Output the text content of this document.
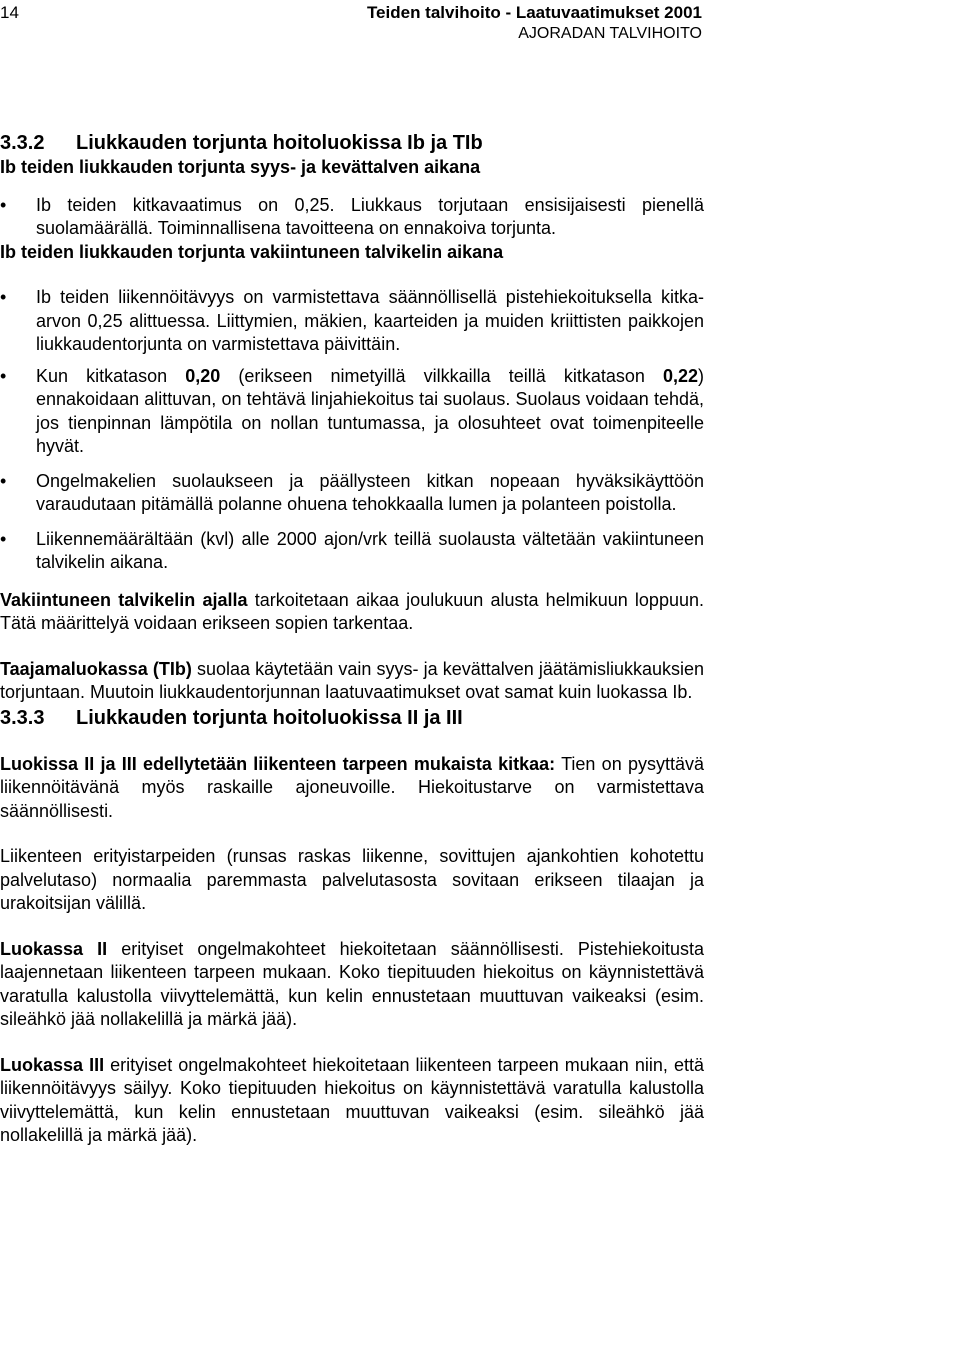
14	Teiden talvihoito - Laatuvaatimukset 2001
AJORADAN TALVIHOITO
3.3.2 Liukkauden torjunta hoitoluokissa Ib ja TIb
Ib teiden liukkauden torjunta syys- ja kevättalven aikana
• Ib teiden kitkavaatimus on 0,25. Liukkaus torjutaan ensisijaisesti pienellä suolamäärällä. Toiminnallisena tavoitteena on ennakoiva torjunta.
Ib teiden liukkauden torjunta vakiintuneen talvikelin aikana
• Ib teiden liikennöitävyys on varmistettava säännöllisellä pistehiekoituksella kitka-arvon 0,25 alittuessa. Liittymien, mäkien, kaarteiden ja muiden kriittisten paikkojen liukkaudentorjunta on varmistettava päivittäin.
• Kun kitkatason 0,20 (erikseen nimetyillä vilkkailla teillä kitkatason 0,22) ennakoidaan alittuvan, on tehtävä linjahiekoitus tai suolaus. Suolaus voidaan tehdä, jos tienpinnan lämpötila on nollan tuntumassa, ja olosuhteet ovat toimenpiteelle hyvät.
• Ongelmakelien suolaukseen ja päällysteen kitkan nopeaan hyväksikäyttöön varaudutaan pitämällä polanne ohuena tehokkaalla lumen ja polanteen poistolla.
• Liikennemäärältään (kvl) alle 2000 ajon/vrk teillä suolausta vältetään vakiintuneen talvikelin aikana.

Vakiintuneen talvikelin ajalla tarkoitetaan aikaa joulukuun alusta helmikuun loppuun. Tätä määrittelyä voidaan erikseen sopien tarkentaa.

Taajamaluokassa (TIb) suolaa käytetään vain syys- ja kevättalven jäätämisliukkauksien torjuntaan. Muutoin liukkaudentorjunnan laatuvaatimukset ovat samat kuin luokassa Ib.

3.3.3 Liukkauden torjunta hoitoluokissa II ja III

Luokissa II ja III edellytetään liikenteen tarpeen mukaista kitkaa: Tien on pysyttävä liikennöitävänä myös raskaille ajoneuvoille. Hiekoitustarve on varmistettava säännöllisesti.

Liikenteen erityistarpeiden (runsas raskas liikenne, sovittujen ajankohtien kohotettu palvelutaso) normaalia paremmasta palvelutasosta sovitaan erikseen tilaajan ja urakoitsijan välillä.

Luokassa II erityiset ongelmakohteet hiekoitetaan säännöllisesti. Pistehiekoitusta laajennetaan liikenteen tarpeen mukaan. Koko tiepituuden hiekoitus on käynnistettävä varatulla kalustolla viivyttelemättä, kun kelin ennustetaan muuttuvan vaikeaksi (esim. sileähkö jää nollakelillä ja märkä jää).

Luokassa III erityiset ongelmakohteet hiekoitetaan liikenteen tarpeen mukaan niin, että liikennöitävyys säilyy. Koko tiepituuden hiekoitus on käynnistettävä varatulla kalustolla viivyttelemättä, kun kelin ennustetaan muuttuvan vaikeaksi (esim. sileähkö jää nollakelillä ja märkä jää).
